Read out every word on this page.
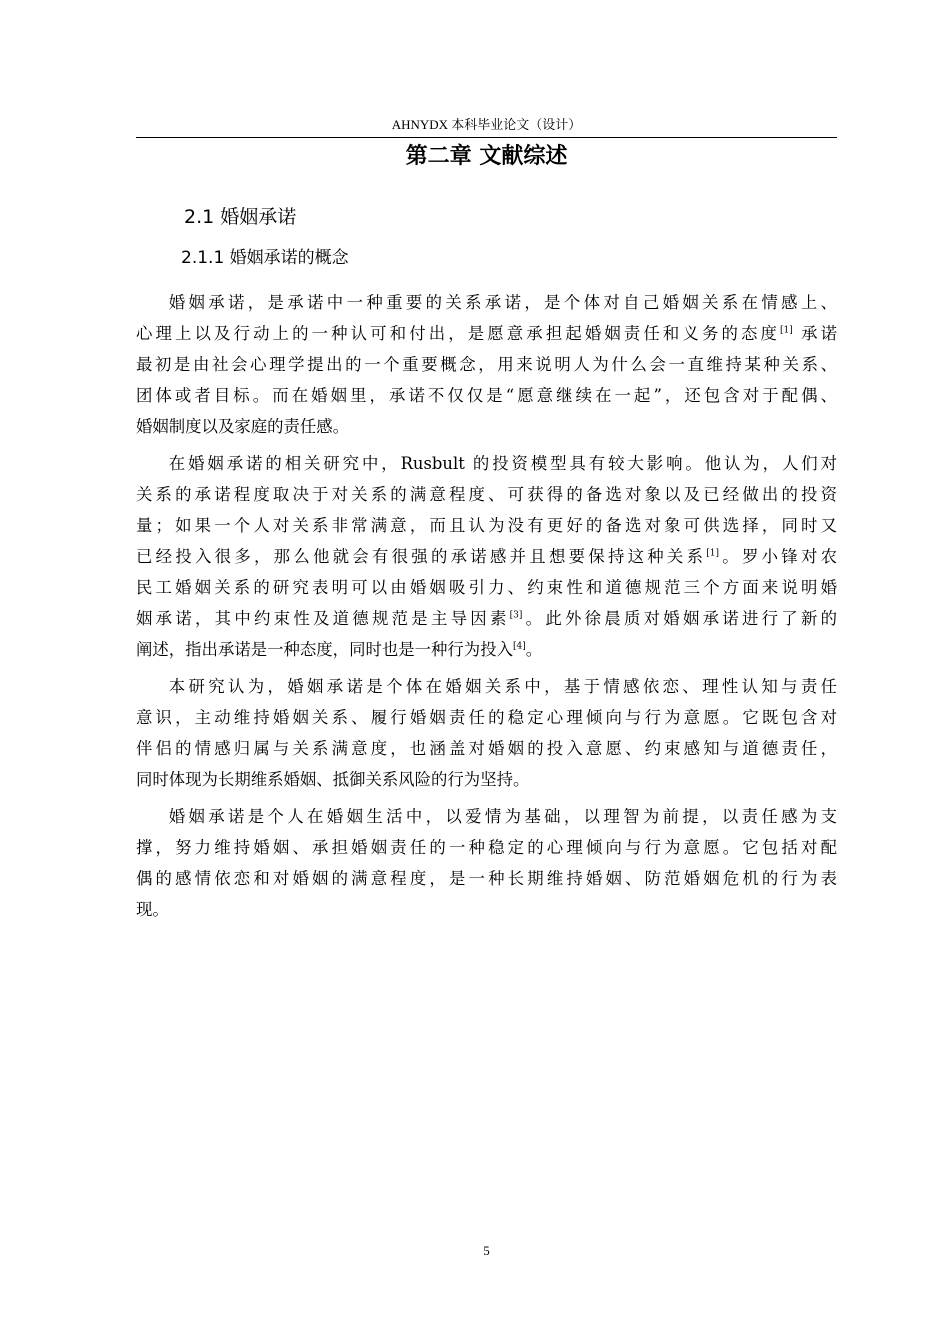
AHNYDX 本科毕业论文（设计）
第二章 文献综述
2.1 婚姻承诺
2.1.1 婚姻承诺的概念

婚姻承诺，是承诺中一种重要的关系承诺，是个体对自己婚姻关系在情感上、
心理上以及行动上的一种认可和付出，是愿意承担起婚姻责任和义务的态度[1] 承诺
最初是由社会心理学提出的一个重要概念，用来说明人为什么会一直维持某种关系、
团体或者目标。而在婚姻里，承诺不仅仅是“愿意继续在一起”，还包含对于配偶、
婚姻制度以及家庭的责任感。

在婚姻承诺的相关研究中，Rusbult 的投资模型具有较大影响。他认为，人们对
关系的承诺程度取决于对关系的满意程度、可获得的备选对象以及已经做出的投资
量；如果一个人对关系非常满意，而且认为没有更好的备选对象可供选择，同时又
已经投入很多，那么他就会有很强的承诺感并且想要保持这种关系[1]。罗小锋对农
民工婚姻关系的研究表明可以由婚姻吸引力、约束性和道德规范三个方面来说明婚
姻承诺，其中约束性及道德规范是主导因素[3]。此外徐晨质对婚姻承诺进行了新的
阐述，指出承诺是一种态度，同时也是一种行为投入[4]。

本研究认为，婚姻承诺是个体在婚姻关系中，基于情感依恋、理性认知与责任
意识，主动维持婚姻关系、履行婚姻责任的稳定心理倾向与行为意愿。它既包含对
伴侣的情感归属与关系满意度，也涵盖对婚姻的投入意愿、约束感知与道德责任，
同时体现为长期维系婚姻、抵御关系风险的行为坚持。

婚姻承诺是个人在婚姻生活中，以爱情为基础，以理智为前提，以责任感为支
撑，努力维持婚姻、承担婚姻责任的一种稳定的心理倾向与行为意愿。它包括对配
偶的感情依恋和对婚姻的满意程度，是一种长期维持婚姻、防范婚姻危机的行为表
现。

5
